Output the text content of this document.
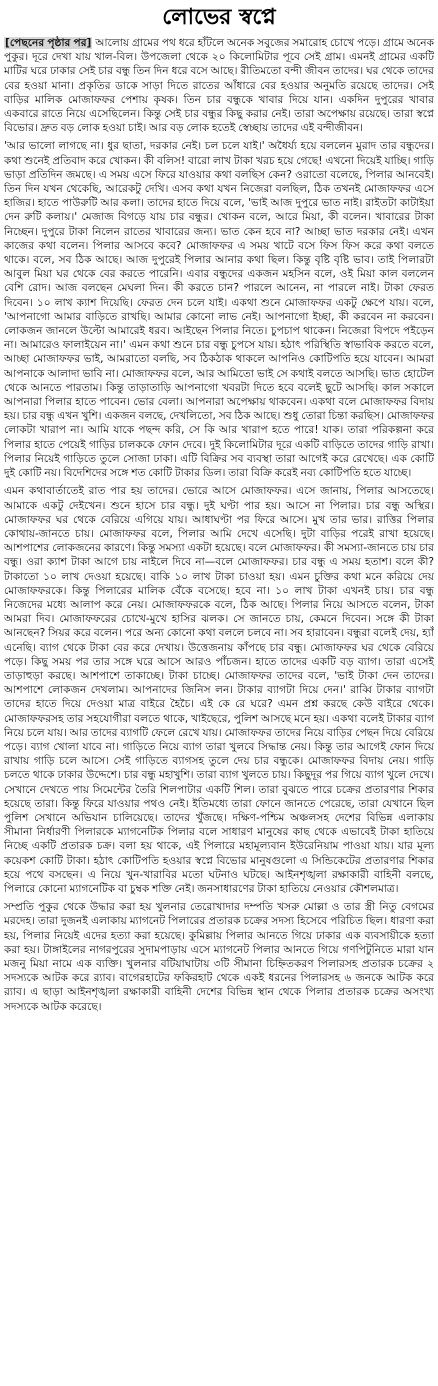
লোভের স্বপ্নে

[পেছনের পৃষ্ঠার পর] আলোয় গ্রামের পথ ধরে হাঁটলে অনেক সবুজের সমারোহ চোখে পড়ে। গ্রামে অনেক পুকুর। দূরে দেখা যায় খাল-বিল। উপজেলা থেকে ২০ কিলোমিটার পূবে সেই গ্রাম। এমনই গ্রামের একটি মাটির ঘরে ঢাকার সেই চার বন্ধু তিন দিন ধরে বসে আছে। রীতিমতো বন্দী জীবন তাদের। ঘর থেকে তাদের বের হওয়া মানা। প্রকৃতির ডাকে সাড়া দিতে রাতের আঁধারে বের হওয়ার অনুমতি রয়েছে তাদের। সেই বাড়ির মালিক মোজাফফর পেশায় কৃষক। তিন চার বন্ধুকে খাবার দিয়ে যান। একদিন দুপুরের খাবার একবারে রাতে নিয়ে এসেছিলেন। কিন্তু সেই চার বন্ধুর কিছু করার নেই। তারা অপেক্ষায় রয়েছে। তারা স্বপ্নে বিভোর। দ্রুত বড় লোক হওয়া চাই। আর বড় লোক হতেই স্বেচ্ছায় তাদের এই বন্দীজীবন।

'আর ভালো লাগছে না। ধুর ছাতা, দরকার নেই। চল চলে যাই।' অধৈর্য্য হয়ে বললেন মুরাদ তার বন্ধুদের। কথা শুনেই প্রতিবাদ করে খোকন। কী বলিস! বারো লাখ টাকা খরচ হয়ে গেছে! এখনো দিয়েই যাচ্ছি। গাড়ি ভাড়া প্রতিদিন জমছে। এ সময় এসে ফিরে যাওয়ার কথা বলছিস কেন? ওরাতো বলেছে, পিলার আনবেই। তিন দিন যখন থেকেছি, আরেকটু দেখি। এসব কথা যখন নিজেরা বলছিল, ঠিক তখনই মোজাফফর এসে হাজির। হাতে পাউরুটি আর কলা। তাদের হাতে দিয়ে বলে, 'ভাই আজ দুপুরে ভাত নাই। রাইতটা কাটাইয়া দেন রুটি কলায়।' মেজাজ বিগড়ে যায় চার বন্ধুর। খোকন বলে, আরে মিয়া, কী বলেন। খাবারের টাকা নিচ্ছেন। দুপুরে টাকা নিলেন রাতের খাবারের জন্য। ভাত কেন হবে না? আচ্ছা ভাত দরকার নেই। এখন কাজের কথা বলেন। পিলার আসবে কবে? মোজাফফর এ সময় খাটে বসে ফিস ফিস করে কথা বলতে থাকে। বলে, সব ঠিক আছে। আজ দুপুরেই পিলার আনার কথা ছিল। কিন্তু বৃষ্টি বৃষ্টি ভাব। তাই পিলারটা আবুল মিয়া ঘর থেকে বের করতে পারেনি। এবার বন্ধুদের একজন মহসিন বলে, ওই মিয়া কাল বললেন বেশি রোদ। আজ বলছেন মেঘলা দিন। কী করতে চান? পারলে আনেন, না পারলে নাই। টাকা ফেরত দিবেন। ১০ লাখ ক্যাশ দিয়েছি। ফেরত দেন চলে যাই। একথা শুনে মোজাফফর একটু ক্ষেপে যায়। বলে, 'আপনাগো আমার বাড়িতে রাখছি। আমার কোনো লাভ নেই। আপনাগো ইচ্ছা, কী করবেন না করবেন। লোকজন জানলে উল্টো আমারেই ধরব। আইছেন পিলার নিতে। চুপচাপ থাকেন। নিজেরা বিপদে পইড়েন না। আমারেও ফালাইয়েন না।' এমন কথা শুনে চার বন্ধু চুপসে যায়। হঠাৎ পরিস্থিতি স্বাভাবিক করতে বলে, আচ্ছা মোজাফফর ভাই, আমরাতো বলছি, সব ঠিকঠাক থাকলে আপনিও কোটিপতি হয়ে যাবেন। আমরা আপনাকে আলাদা ভাবি না। মোজাফফর বলে, আর আমিতো ভাই সে কথাই বলতে আসছি। ভাত হোটেল থেকে আনতে পারতাম। কিন্তু তাড়াতাড়ি আপনাগো খবরটা দিতে হবে বলেই ছুটে আসছি। কাল সকালে আপনারা পিলার হাতে পাবেন। ভোর বেলা। আপনারা অপেক্ষায় থাকবেন। একথা বলে মোজাফফর বিদায় হয়। চার বন্ধু এখন খুশি। একজন বলছে, দেখলিতো, সব ঠিক আছে। শুধু তোরা চিন্তা করছিস। মোজাফফর লোকটা খারাপ না। আমি যাকে পছন্দ করি, সে কি আর খারাপ হতে পারে! যাক। তারা পরিকল্পনা করে পিলার হাতে পেয়েই গাড়ির চালককে ফোন দেবে। দুই কিলোমিটার দূরে একটি বাড়িতে তাদের গাড়ি রাখা। পিলার নিয়েই গাড়িতে তুলে সোজা ঢাকা। এটি বিক্রির সব ব্যবস্থা তারা আগেই করে রেখেছে। এক কোটি দুই কোটি নয়। বিদেশিদের সঙ্গে শত কোটি টাকার ডিল। তারা বিক্রি করেই নব্য কোটিপতি হতে যাচ্ছে।

এমন কথাবার্তাতেই রাত পার হয় তাদের। ভোরে আসে মোজাফফর। এসে জানায়, পিলার আসতেছে। আমাকে একটু দেইখেন। শুনে হাসে চার বন্ধু। দুই ঘণ্টা পার হয়। আসে না পিলার। চার বন্ধু অস্থির। মোজাফফর ঘর থেকে বেরিয়ে এগিয়ে যায়। আধাঘণ্টা পর ফিরে আসে। মুখ তার ভার। রাত্তির পিলার কোথায়-জানতে চায়। মোজাফফর বলে, পিলার আমি দেখে এসেছি। দুটা বাড়ির পরেই রাখা হয়েছে। আশপাশের লোকজনের কারণে। কিন্তু সমস্যা একটা হয়েছে। বলে মোজাফফর। কী সমস্যা-জানতে চায় চার বন্ধু। ওরা ক্যাশ টাকা আগে চায় নাইলে দিবে না—বলে মোজাফফর। চার বন্ধু এ সময় হতাশ। বলে কী? টাকাতো ১০ লাখ দেওয়া হয়েছে। বাকি ১০ লাখ টাকা চাওয়া হয়। এমন চুক্তির কথা মনে করিয়ে দেয় মোজাফফরকে। কিন্তু পিলারের মালিক বেঁকে বসেছে। হবে না। ১০ লাখ টাকা এখনই চায়। চার বন্ধু নিজেদের মধ্যে আলাপ করে নেয়। মোজাফফরকে বলে, ঠিক আছে। পিলার নিয়ে আসতে বলেন, টাকা আমরা দিব। মোজাফফরের চোখে-মুখে হাসির ঝলক। সে জানতে চায়, কেমনে দিবেন। সঙ্গে কী টাকা আনছেন? সিয়র করে বলেন। পরে অন্য কোনো কথা বললে চলবে না। সব হারাবেন। বন্ধুরা বলেই দেয়, হ্যাঁ এনেছি। ব্যাগ থেকে টাকা বের করে দেখায়। উত্তেজনায় কাঁপছে চার বন্ধু। মোজাফফর ঘর থেকে বেরিয়ে পড়ে। কিছু সময় পর তার সঙ্গে ঘরে আসে আরও পাঁচজন। হাতে তাদের একটি বড় ব্যাগ। তারা এসেই তাড়াহুড়া করছে। আশপাশে তাকাচ্ছে। টাকা চাচ্ছে। মোজাফফর তাদের বলে, 'ভাই টাকা দেন তাদের। আশপাশে লোকজন দেখলাম। আপনাদের জিনিস লন। টাকার ব্যাগটা দিয়ে দেন।' রাব্বি টাকার ব্যাগটা তাদের হাতে দিয়ে দেওয়া মাত্র বাইরে হৈচৈ। এই কে রে ঘরে? এমন প্রশ্ন করছে কেউ বাইরে থেকে। মোজাফফরসহ তার সহযোগীরা বলতে থাকে, খাইছেরে, পুলিশ আসছে মনে হয়। একথা বলেই টাকার ব্যাগ নিয়ে চলে যায়। আর তাদের ব্যাগটি ফেলে রেখে যায়। মোজাফফর তাদের নিয়ে বাড়ির পেছন দিয়ে বেরিয়ে পড়ে। ব্যাগ খোলা যাবে না। গাড়িতে নিয়ে ব্যাগ তারা খুলবে সিদ্ধান্ত নেয়। কিন্তু তার আগেই ফোন দিয়ে রাখায় গাড়ি চলে আসে। সেই গাড়িতে ব্যাগসহ তুলে দেয় চার বন্ধুকে। মোজাফফর বিদায় নেয়। গাড়ি চলতে থাকে ঢাকার উদ্দেশে। চার বন্ধু মহাখুশি। তারা ব্যাগ খুলতে চায়। কিছুদূর পর গিয়ে ব্যাগ খুলে দেখে। সেখানে দেখতে পায় সিমেন্টের তৈরি শিলপাটার একটি শিল। তারা বুঝতে পারে চক্রের প্রতারণার শিকার হয়েছে তারা। কিন্তু ফিরে যাওয়ার পথও নেই। ইতিমধ্যে তারা ফোনে জানতে পেরেছে, তারা যেখানে ছিল পুলিশ সেখানে অভিযান চালিয়েছে। তাদের খুঁজছে। দক্ষিণ-পশ্চিম অঞ্চলসহ দেশের বিভিন্ন এলাকায় সীমানা নির্ধারণী পিলারকে ম্যাগনেটিক পিলার বলে সাধারণ মানুষের কাছ থেকে এভাবেই টাকা হাতিয়ে নিচ্ছে একটি প্রতারক চক্র। বলা হয় থাকে, এই পিলারে মহামূল্যবান ইউরেনিয়াম পাওয়া যায়। যার মূল্য কয়েকশ কোটি টাকা। হঠাৎ কোটিপতি হওয়ার স্বপ্নে বিভোর মানুষগুলো এ সিন্ডিকেটের প্রতারণার শিকার হয়ে পথে বসছেন। এ নিয়ে খুন-খারাবির মতো ঘটনাও ঘটছে। আইনশৃঙ্খলা রক্ষাকারী বাহিনী বলছে, পিলারে কোনো ম্যাগনেটিক বা চুম্বক শক্তি নেই। জনসাধারণের টাকা হাতিয়ে নেওয়ার কৌশলমাত্র।

সম্প্রতি পুকুর থেকে উদ্ধার করা হয় খুলনার তেরোখাদার দম্পতি খসরু মোল্লা ও তার স্ত্রী নিতু বেগমের মরদেহ। তারা দুজনই এলাকায় ম্যাগনেট পিলারের প্রতারক চক্রের সদস্য হিসেবে পরিচিত ছিল। ধারণা করা হয়, পিলার নিয়েই এদের হত্যা করা হয়েছে। কুমিল্লায় পিলার আনতে গিয়ে ঢাকার এক ব্যবসায়ীকে হত্যা করা হয়। টাঙ্গাইলের নাগরপুরের সুদামপাড়ায় এসে ম্যাগনেট পিলার আনতে গিয়ে গণপিটুনিতে মারা যান মজনু মিয়া নামে এক ব্যক্তি। খুলনার বটিয়াঘাটায় ৩টি সীমানা চিহ্নিতকরণ পিলারসহ প্রতারক চক্রের ২ সদস্যকে আটক করে র‌্যাব। বাগেরহাটের ফকিরহাট থেকে একই ধরনের পিলারসহ ৬ জনকে আটক করে র‌্যাব। এ ছাড়া আইনশৃঙ্খলা রক্ষাকারী বাহিনী দেশের বিভিন্ন স্থান থেকে পিলার প্রতারক চক্রের অসংখ্য সদস্যকে আটক করেছে।
